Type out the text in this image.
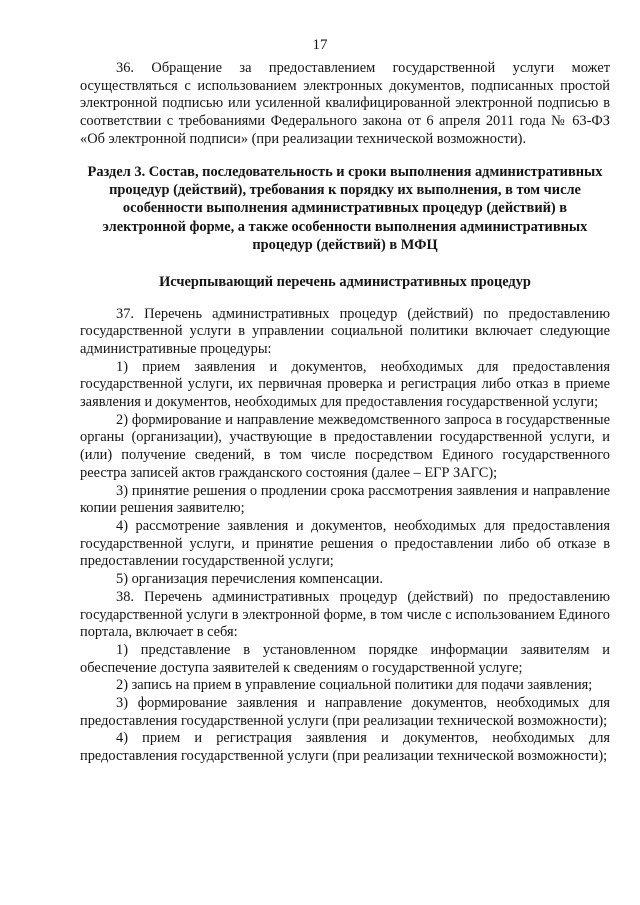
17

36. Обращение за предоставлением государственной услуги может осуществляться с использованием электронных документов, подписанных простой электронной подписью или усиленной квалифицированной электронной подписью в соответствии с требованиями Федерального закона от 6 апреля 2011 года № 63-ФЗ «Об электронной подписи» (при реализации технической возможности).

Раздел 3. Состав, последовательность и сроки выполнения административных процедур (действий), требования к порядку их выполнения, в том числе особенности выполнения административных процедур (действий) в электронной форме, а также особенности выполнения административных процедур (действий) в МФЦ
Исчерпывающий перечень административных процедур

37. Перечень административных процедур (действий) по предоставлению государственной услуги в управлении социальной политики включает следующие административные процедуры:

1) прием заявления и документов, необходимых для предоставления государственной услуги, их первичная проверка и регистрация либо отказ в приеме заявления и документов, необходимых для предоставления государственной услуги;

2) формирование и направление межведомственного запроса в государственные органы (организации), участвующие в предоставлении государственной услуги, и (или) получение сведений, в том числе посредством Единого государственного реестра записей актов гражданского состояния (далее – ЕГР ЗАГС);

3) принятие решения о продлении срока рассмотрения заявления и направление копии решения заявителю;

4) рассмотрение заявления и документов, необходимых для предоставления государственной услуги, и принятие решения о предоставлении либо об отказе в предоставлении государственной услуги;

5) организация перечисления компенсации.

38. Перечень административных процедур (действий) по предоставлению государственной услуги в электронной форме, в том числе с использованием Единого портала, включает в себя:

1) представление в установленном порядке информации заявителям и обеспечение доступа заявителей к сведениям о государственной услуге;

2) запись на прием в управление социальной политики для подачи заявления;

3) формирование заявления и направление документов, необходимых для предоставления государственной услуги (при реализации технической возможности);

4) прием и регистрация заявления и документов, необходимых для предоставления государственной услуги (при реализации технической возможности);
